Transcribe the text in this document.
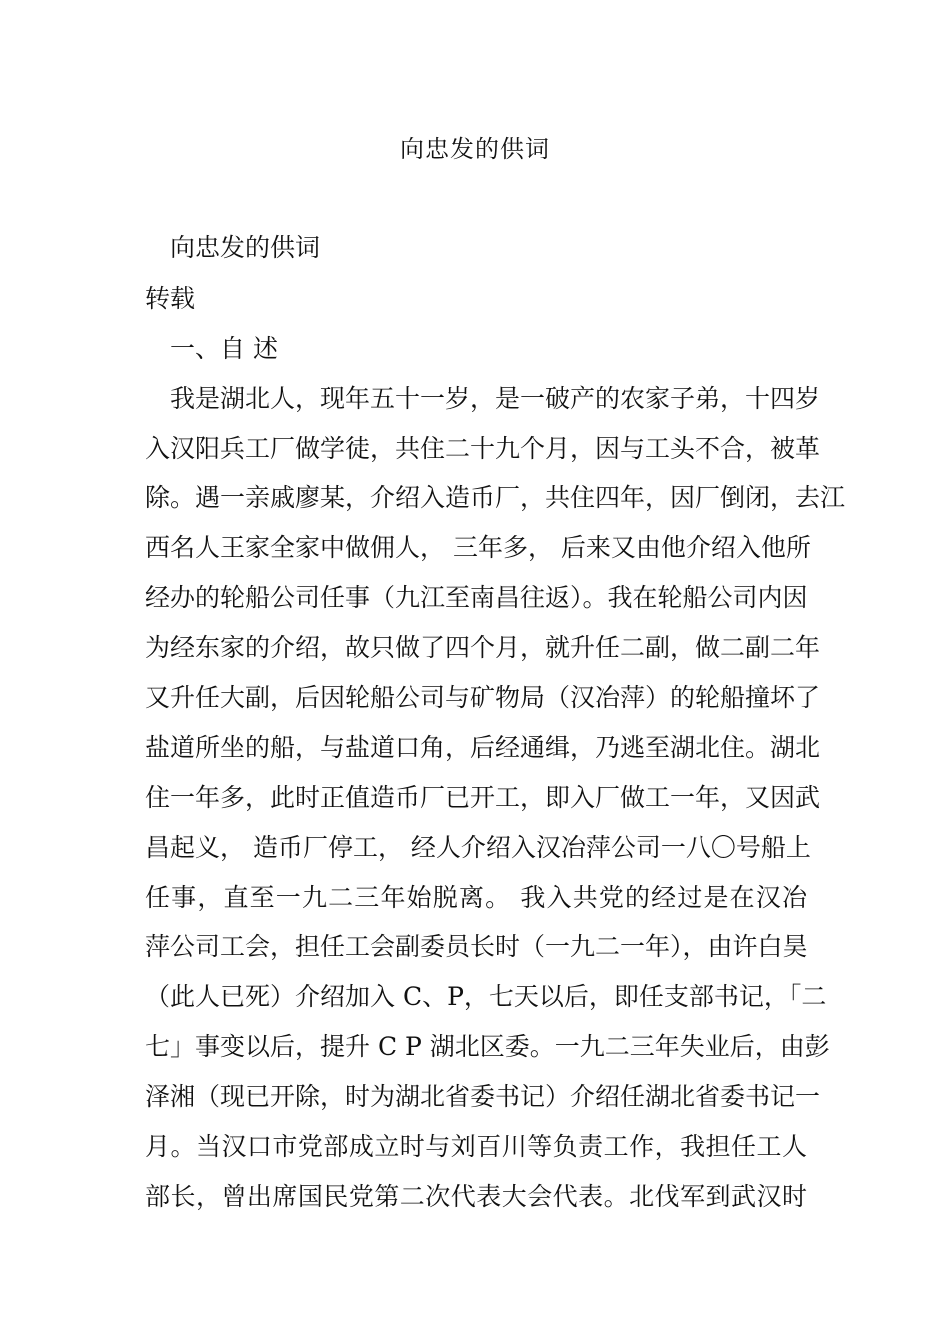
向忠发的供词
向忠发的供词
转载
一、自 述
我是湖北人，现年五十一岁，是一破产的农家子弟，十四岁
入汉阳兵工厂做学徒，共住二十九个月，因与工头不合，被革
除。遇一亲戚廖某，介绍入造币厂，共住四年，因厂倒闭，去江
西名人王家全家中做佣人， 三年多， 后来又由他介绍入他所
经办的轮船公司任事（九江至南昌往返）。我在轮船公司内因
为经东家的介绍，故只做了四个月，就升任二副，做二副二年
又升任大副，后因轮船公司与矿物局（汉冶萍）的轮船撞坏了
盐道所坐的船，与盐道口角，后经通缉，乃逃至湖北住。湖北
住一年多，此时正值造币厂已开工，即入厂做工一年，又因武
昌起义， 造币厂停工， 经人介绍入汉冶萍公司一八〇号船上
任事，直至一九二三年始脱离。 我入共党的经过是在汉冶
萍公司工会，担任工会副委员长时（一九二一年），由许白昊
（此人已死）介绍加入 C、P，七天以后，即任支部书记，「二
七」事变以后，提升 C P 湖北区委。一九二三年失业后，由彭
泽湘（现已开除，时为湖北省委书记）介绍任湖北省委书记一
月。当汉口市党部成立时与刘百川等负责工作，我担任工人
部长，曾出席国民党第二次代表大会代表。北伐军到武汉时
